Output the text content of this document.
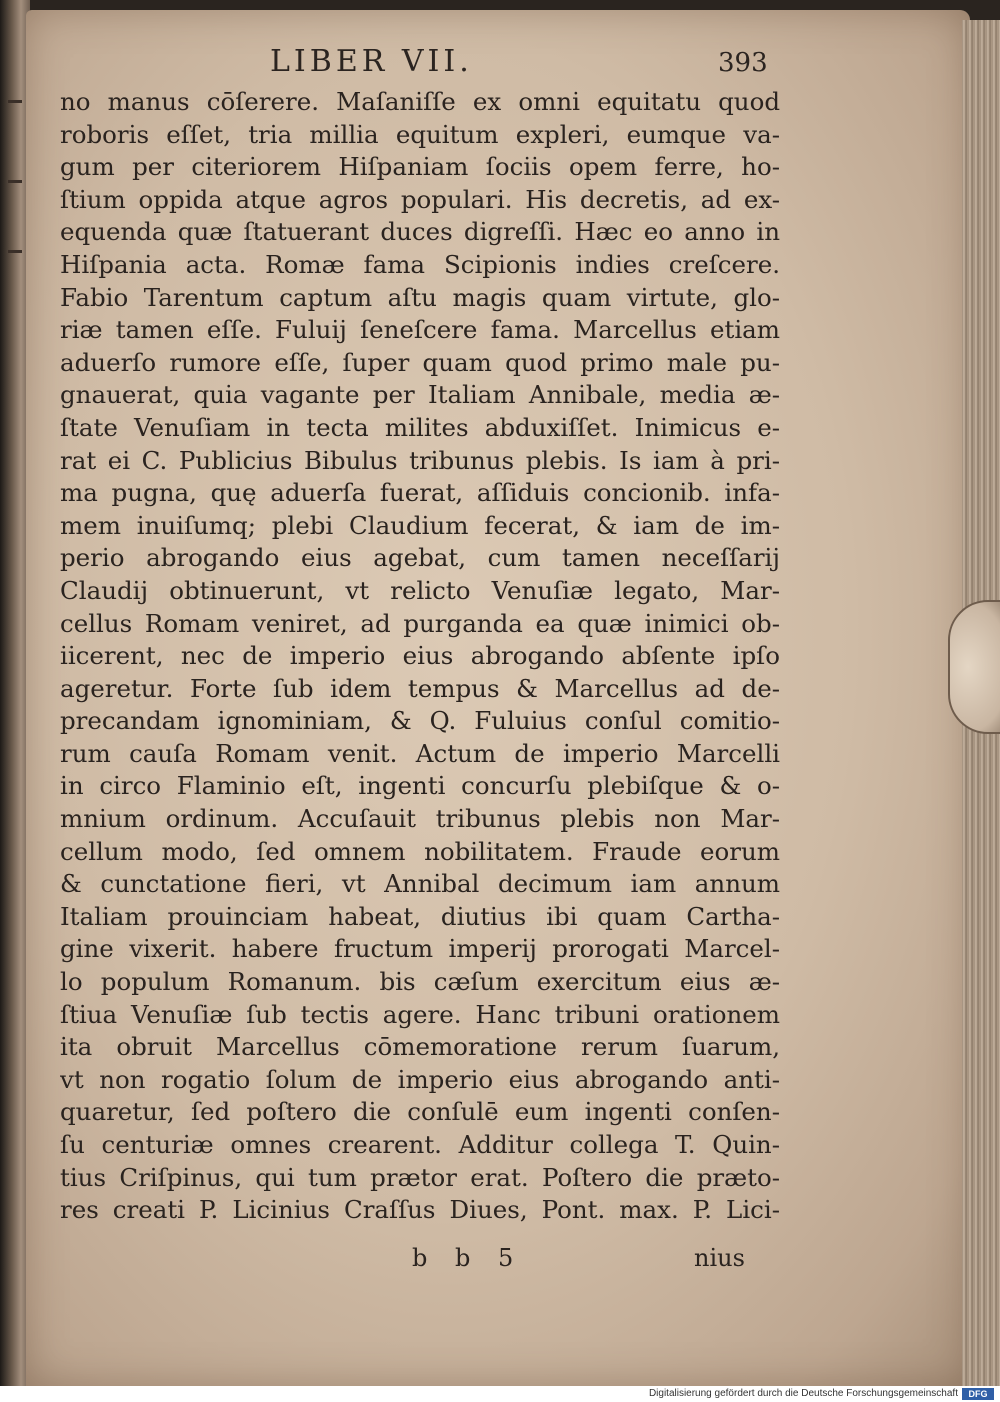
LIBER VII.	393
no manus cōſerere. Maſaniſſe ex omni equitatu quod
roboris eſſet, tria millia equitum expleri, eumque va-
gum per citeriorem Hiſpaniam ſociis opem ferre, ho-
ſtium oppida atque agros populari. His decretis, ad ex-
equenda quæ ſtatuerant duces digreſſi. Hæc eo anno in
Hiſpania acta. Romæ fama Scipionis indies creſcere.
Fabio Tarentum captum aſtu magis quam virtute, glo-
riæ tamen eſſe. Fuluij ſeneſcere fama. Marcellus etiam
aduerſo rumore eſſe, ſuper quam quod primo male pu-
gnauerat, quia vagante per Italiam Annibale, media æ-
ſtate Venuſiam in tecta milites abduxiſſet. Inimicus e-
rat ei C. Publicius Bibulus tribunus plebis. Is iam à pri-
ma pugna, quę aduerſa fuerat, aſſiduis concionib. infa-
mem inuiſumq; plebi Claudium fecerat, & iam de im-
perio abrogando eius agebat, cum tamen neceſſarij
Claudij obtinuerunt, vt relicto Venuſiæ legato, Mar-
cellus Romam veniret, ad purganda ea quæ inimici ob-
iicerent, nec de imperio eius abrogando abſente ipſo
ageretur. Forte ſub idem tempus & Marcellus ad de-
precandam ignominiam, & Q. Fuluius conſul comitio-
rum cauſa Romam venit. Actum de imperio Marcelli
in circo Flaminio eſt, ingenti concurſu plebiſque & o-
mnium ordinum. Accuſauit tribunus plebis non Mar-
cellum modo, ſed omnem nobilitatem. Fraude eorum
& cunctatione fieri, vt Annibal decimum iam annum
Italiam prouinciam habeat, diutius ibi quam Cartha-
gine vixerit. habere fructum imperij prorogati Marcel-
lo populum Romanum. bis cæſum exercitum eius æ-
ſtiua Venuſiæ ſub tectis agere. Hanc tribuni orationem
ita obruit Marcellus cōmemoratione rerum ſuarum,
vt non rogatio ſolum de imperio eius abrogando anti-
quaretur, ſed poſtero die conſulē eum ingenti conſen-
ſu centuriæ omnes crearent. Additur collega T. Quin-
tius Criſpinus, qui tum prætor erat. Poſtero die præto-
res creati P. Licinius Craſſus Diues, Pont. max. P. Lici-
b b 5	nius
Digitalisierung gefördert durch die Deutsche Forschungsgemeinschaft	DFG
